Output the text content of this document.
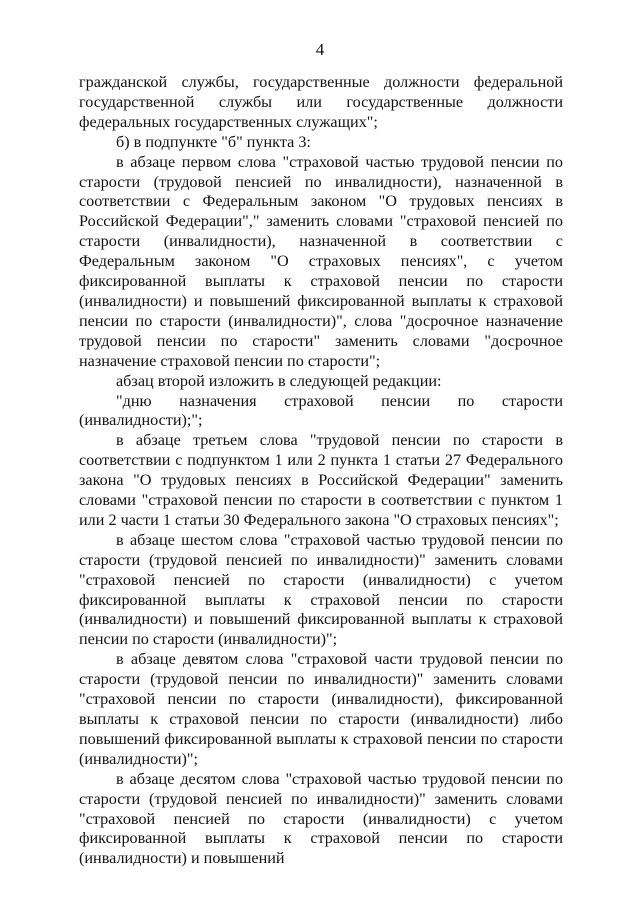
4

гражданской службы, государственные должности федеральной государственной службы или государственные должности федеральных государственных служащих";

б) в подпункте "б" пункта 3:

в абзаце первом слова "страховой частью трудовой пенсии по старости (трудовой пенсией по инвалидности), назначенной в соответствии с Федеральным законом "О трудовых пенсиях в Российской Федерации"," заменить словами "страховой пенсией по старости (инвалидности), назначенной в соответствии с Федеральным законом "О страховых пенсиях", с учетом фиксированной выплаты к страховой пенсии по старости (инвалидности) и повышений фиксированной выплаты к страховой пенсии по старости (инвалидности)", слова "досрочное назначение трудовой пенсии по старости" заменить словами "досрочное назначение страховой пенсии по старости";

абзац второй изложить в следующей редакции:

"дню назначения страховой пенсии по старости (инвалидности);";

в абзаце третьем слова "трудовой пенсии по старости в соответствии с подпунктом 1 или 2 пункта 1 статьи 27 Федерального закона "О трудовых пенсиях в Российской Федерации" заменить словами "страховой пенсии по старости в соответствии с пунктом 1 или 2 части 1 статьи 30 Федерального закона "О страховых пенсиях";

в абзаце шестом слова "страховой частью трудовой пенсии по старости (трудовой пенсией по инвалидности)" заменить словами "страховой пенсией по старости (инвалидности) с учетом фиксированной выплаты к страховой пенсии по старости (инвалидности) и повышений фиксированной выплаты к страховой пенсии по старости (инвалидности)";

в абзаце девятом слова "страховой части трудовой пенсии по старости (трудовой пенсии по инвалидности)" заменить словами "страховой пенсии по старости (инвалидности), фиксированной выплаты к страховой пенсии по старости (инвалидности) либо повышений фиксированной выплаты к страховой пенсии по старости (инвалидности)";

в абзаце десятом слова "страховой частью трудовой пенсии по старости (трудовой пенсией по инвалидности)" заменить словами "страховой пенсией по старости (инвалидности) с учетом фиксированной выплаты к страховой пенсии по старости (инвалидности) и повышений
